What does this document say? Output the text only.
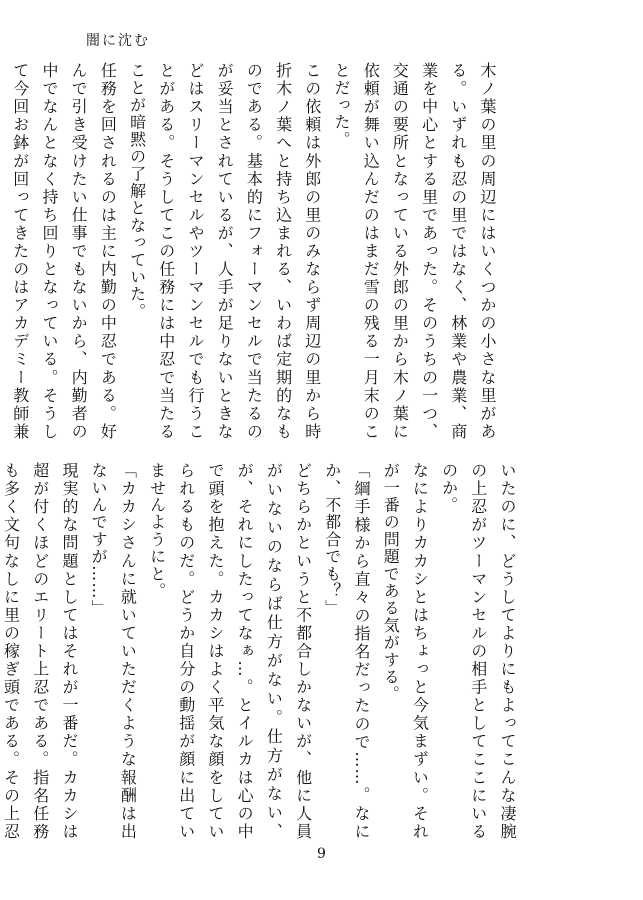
闇に沈む

木ノ葉の里の周辺にはいくつかの小さな里がある。いずれも忍の里ではなく、林業や農業、商業を中心とする里であった。そのうちの一つ、交通の要所となっている外郎の里から木ノ葉に依頼が舞い込んだのはまだ雪の残る一月末のことだった。

この依頼は外郎の里のみならず周辺の里から時折木ノ葉へと持ち込まれる、いわば定期的なものである。基本的にフォーマンセルで当たるのが妥当とされているが、人手が足りないときなどはスリーマンセルやツーマンセルでも行うことがある。そうしてこの任務には中忍で当たることが暗黙の了解となっていた。

任務を回されるのは主に内勤の中忍である。好んで引き受けたい仕事でもないから、内勤者の中でなんとなく持ち回りとなっている。そうして今回お鉢が回ってきたのはアカデミー教師兼

いたのに、どうしてよりにもよってこんな凄腕の上忍がツーマンセルの相手としてここにいるのか。

なによりカカシとはちょっと今気まずい。それが一番の問題である気がする。

「綱手様から直々の指名だったので……。なにか、不都合でも？」

どちらかというと不都合しかないが、他に人員がいないのならば仕方がない。仕方がない、が、それにしたってなぁ…。とイルカは心の中で頭を抱えた。カカシはよく平気な顔をしていられるものだ。どうか自分の動揺が顔に出ていませんようにと。

「カカシさんに就いていただくような報酬は出ないんですが……」

現実的な問題としてはそれが一番だ。カカシは超が付くほどのエリート上忍である。指名任務も多く文句なしに里の稼ぎ頭である。その上忍

9
